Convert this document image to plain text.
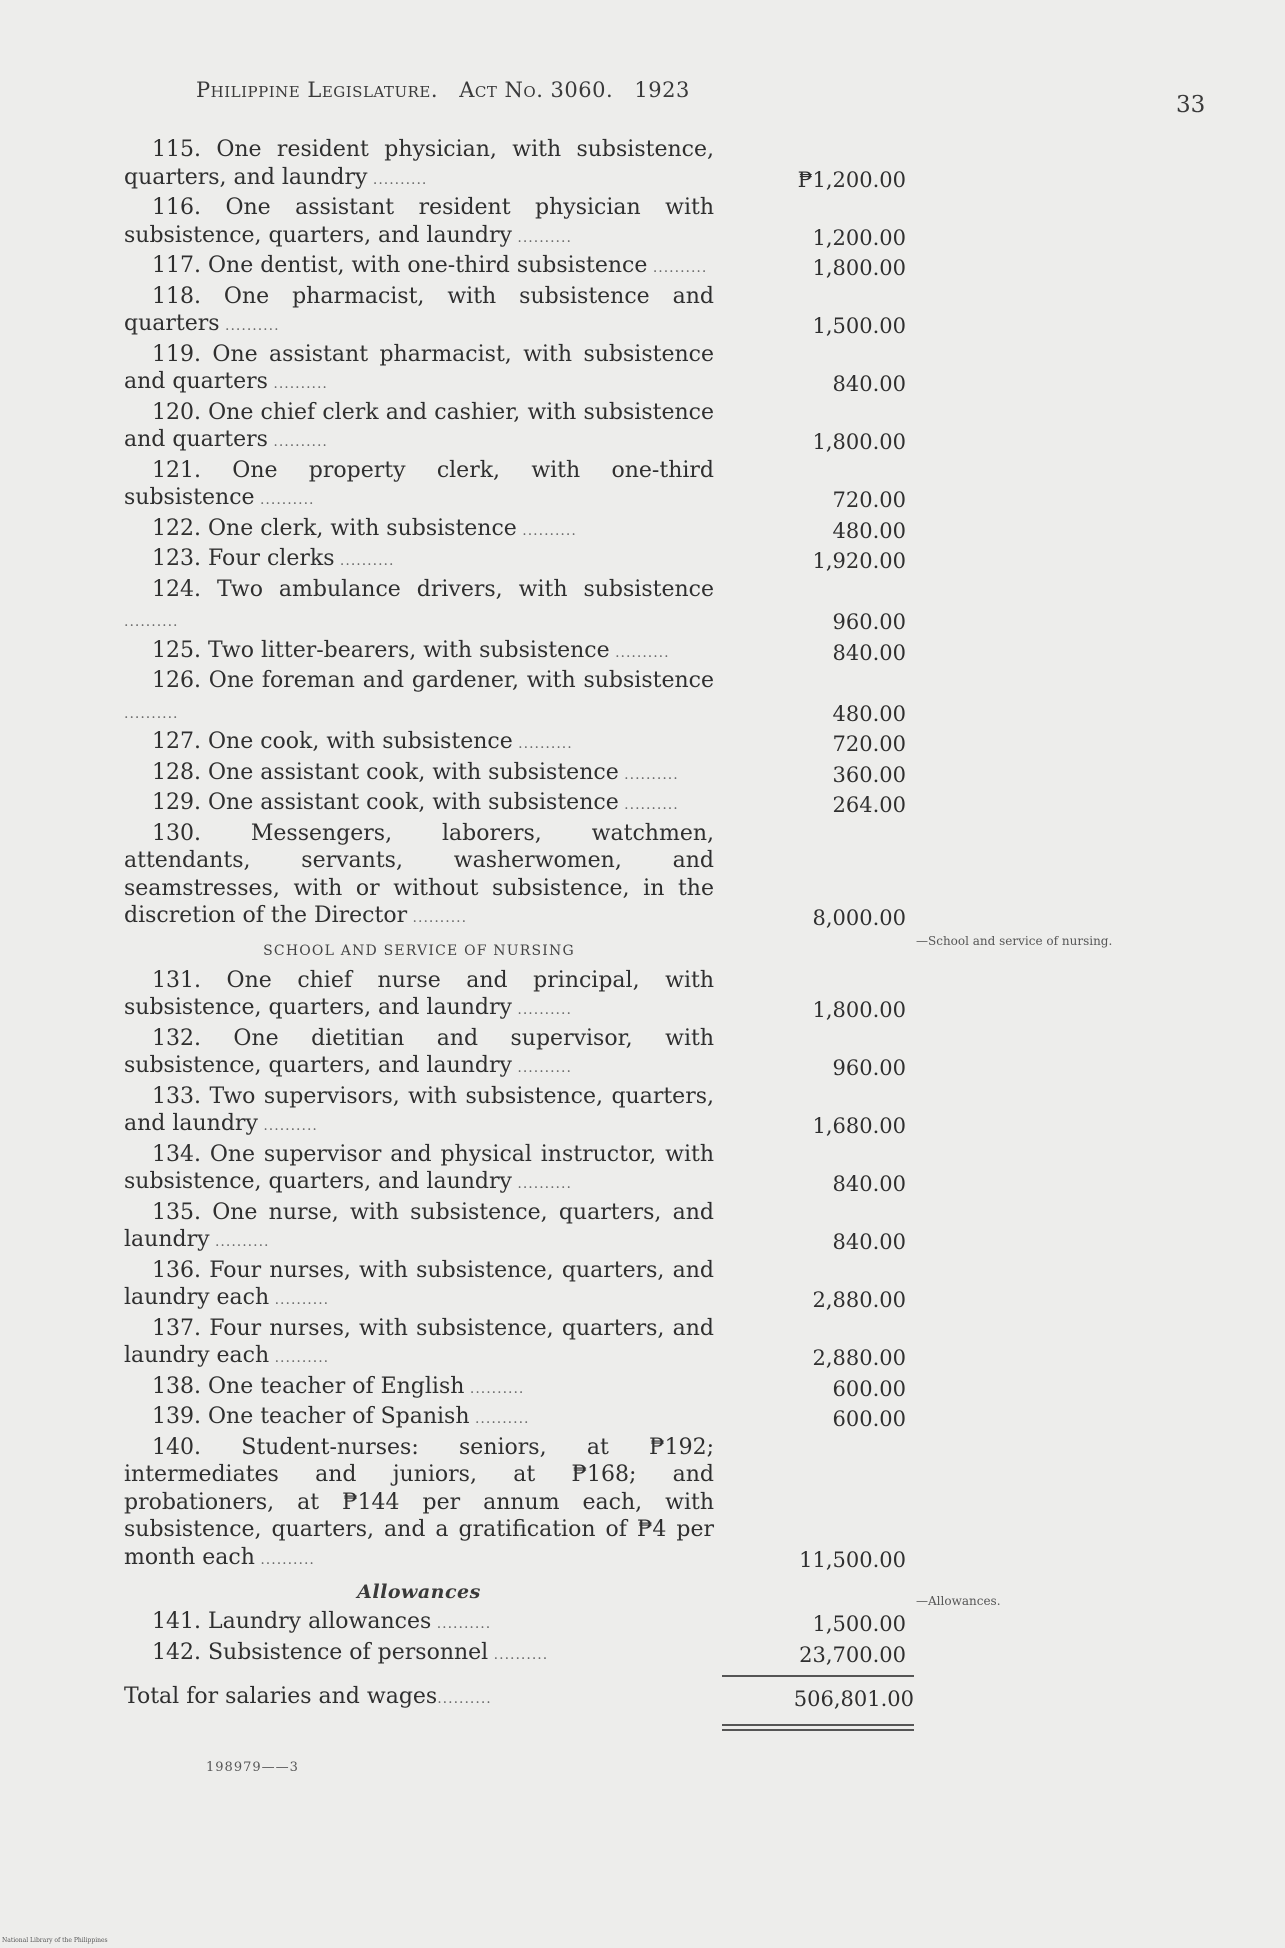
Philippine Legislature. Act No. 3060. 1923
33
115. One resident physician, with subsistence, quarters, and laundry ..........	₱1,200.00
116. One assistant resident physician with subsistence, quarters, and laundry ..........	1,200.00
117. One dentist, with one-third subsistence ..........	1,800.00
118. One pharmacist, with subsistence and quarters ..........	1,500.00
119. One assistant pharmacist, with subsistence and quarters ..........	840.00
120. One chief clerk and cashier, with subsistence and quarters ..........	1,800.00
121. One property clerk, with one-third subsistence ..........	720.00
122. One clerk, with subsistence ..........	480.00
123. Four clerks ..........	1,920.00
124. Two ambulance drivers, with subsistence ..........	960.00
125. Two litter-bearers, with subsistence ..........	840.00
126. One foreman and gardener, with subsistence ..........	480.00
127. One cook, with subsistence ..........	720.00
128. One assistant cook, with subsistence ..........	360.00
129. One assistant cook, with subsistence ..........	264.00
130. Messengers, laborers, watchmen, attendants, servants, washerwomen, and seamstresses, with or without subsistence, in the discretion of the Director ..........	8,000.00
SCHOOL AND SERVICE OF NURSING
131. One chief nurse and principal, with subsistence, quarters, and laundry ..........	1,800.00
132. One dietitian and supervisor, with subsistence, quarters, and laundry ..........	960.00
133. Two supervisors, with subsistence, quarters, and laundry ..........	1,680.00
134. One supervisor and physical instructor, with subsistence, quarters, and laundry ..........	840.00
135. One nurse, with subsistence, quarters, and laundry ..........	840.00
136. Four nurses, with subsistence, quarters, and laundry each ..........	2,880.00
137. Four nurses, with subsistence, quarters, and laundry each ..........	2,880.00
138. One teacher of English ..........	600.00
139. One teacher of Spanish ..........	600.00
140. Student-nurses: seniors, at ₱192; intermediates and juniors, at ₱168; and probationers, at ₱144 per annum each, with subsistence, quarters, and a gratification of ₱4 per month each ..........	11,500.00
Allowances
141. Laundry allowances ..........	1,500.00
142. Subsistence of personnel ..........	23,700.00
Total for salaries and wages..........	506,801.00
—School and service of nursing.
—Allowances.
198979——3
National Library of the Philippines
